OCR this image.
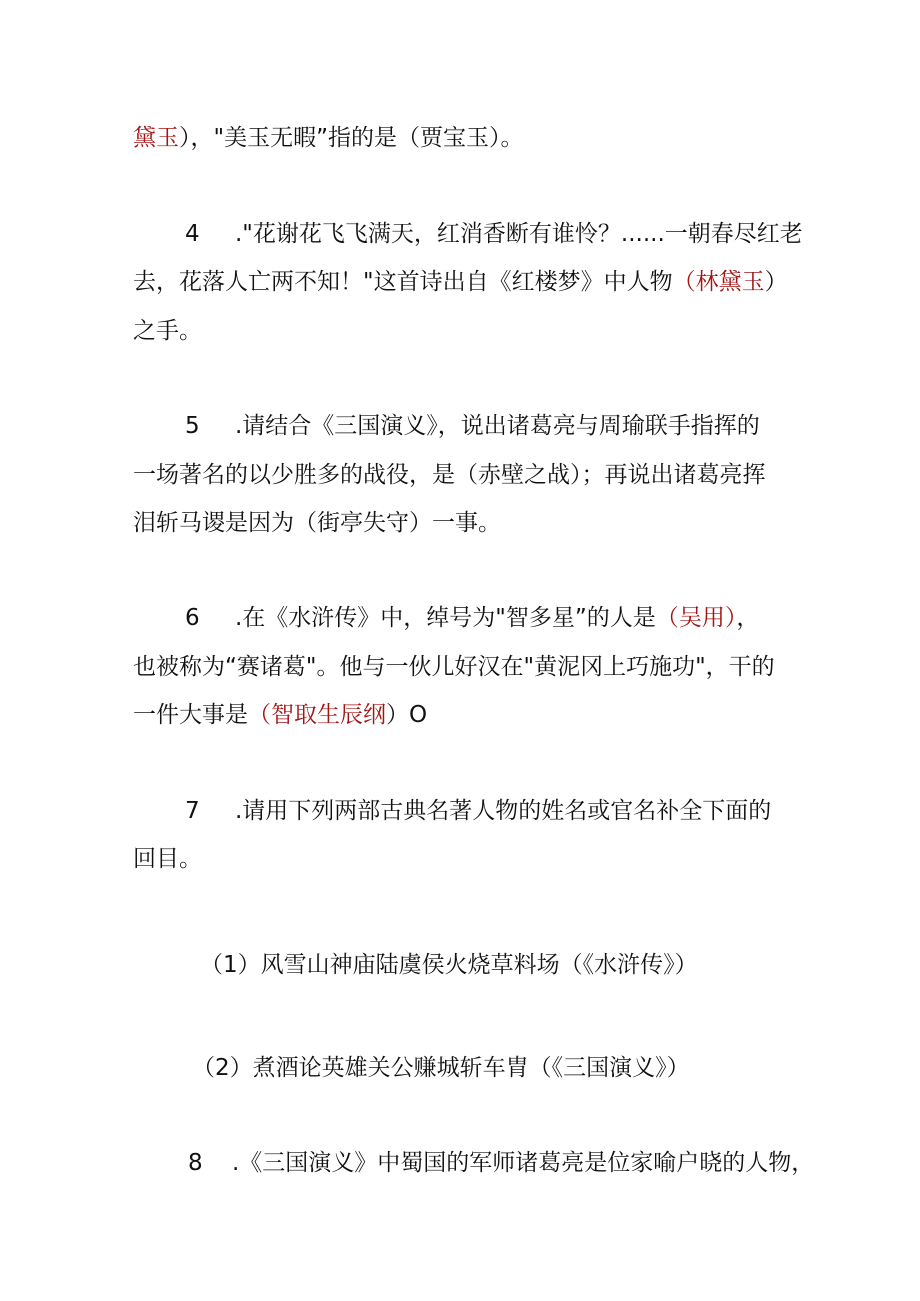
黛玉），"美玉无暇”指的是（贾宝玉）。
4 ."花谢花飞飞满天，红消香断有谁怜？......一朝春尽红老
去，花落人亡两不知！"这首诗出自《红楼梦》中人物（林黛玉）
之手。
5 .请结合《三国演义》，说出诸葛亮与周瑜联手指挥的
一场著名的以少胜多的战役，是（赤壁之战）；再说出诸葛亮挥
泪斩马谡是因为（街亭失守）一事。
6 .在《水浒传》中，绰号为"智多星”的人是（吴用），
也被称为“赛诸葛"。他与一伙儿好汉在"黄泥冈上巧施功"，干的
一件大事是（智取生辰纲）O
7 .请用下列两部古典名著人物的姓名或官名补全下面的
回目。
（1）风雪山神庙陆虞侯火烧草料场（《水浒传》）
（2）煮酒论英雄关公赚城斩车胄（《三国演义》）
8 .《三国演义》中蜀国的军师诸葛亮是位家喻户晓的人物，
